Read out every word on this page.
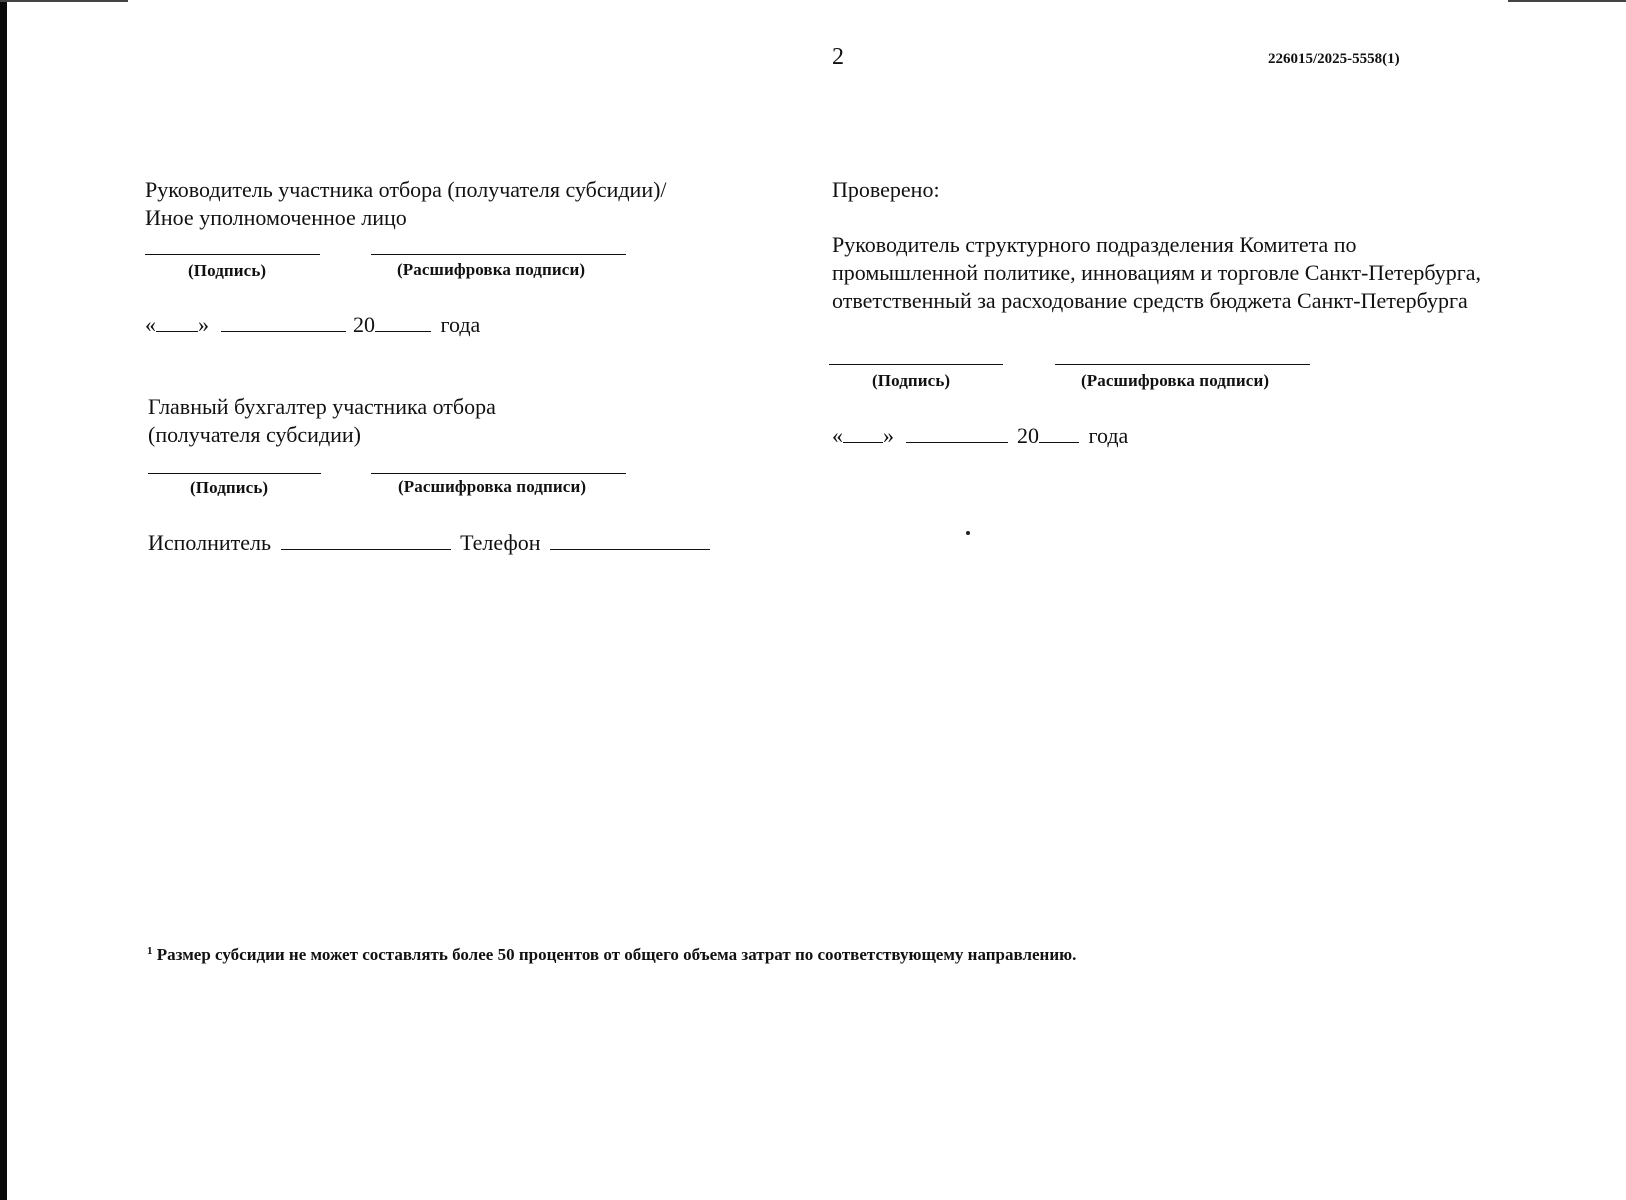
2	226015/2025-5558(1)
Руководитель участника отбора (получателя субсидии)/
Иное уполномоченное лицо
(Подпись)	(Расшифровка подписи)
« »	20	года
Главный бухгалтер участника отбора
(получателя субсидии)
(Подпись)	(Расшифровка подписи)
Исполнитель	Телефон
Проверено:
Руководитель структурного подразделения Комитета по
промышленной политике, инновациям и торговле Санкт-Петербурга,
ответственный за расходование средств бюджета Санкт-Петербурга
(Подпись)	(Расшифровка подписи)
« »	20 года
$^1$ Размер субсидии не может составлять более 50 процентов от общего объема затрат по соответствующему направлению.
